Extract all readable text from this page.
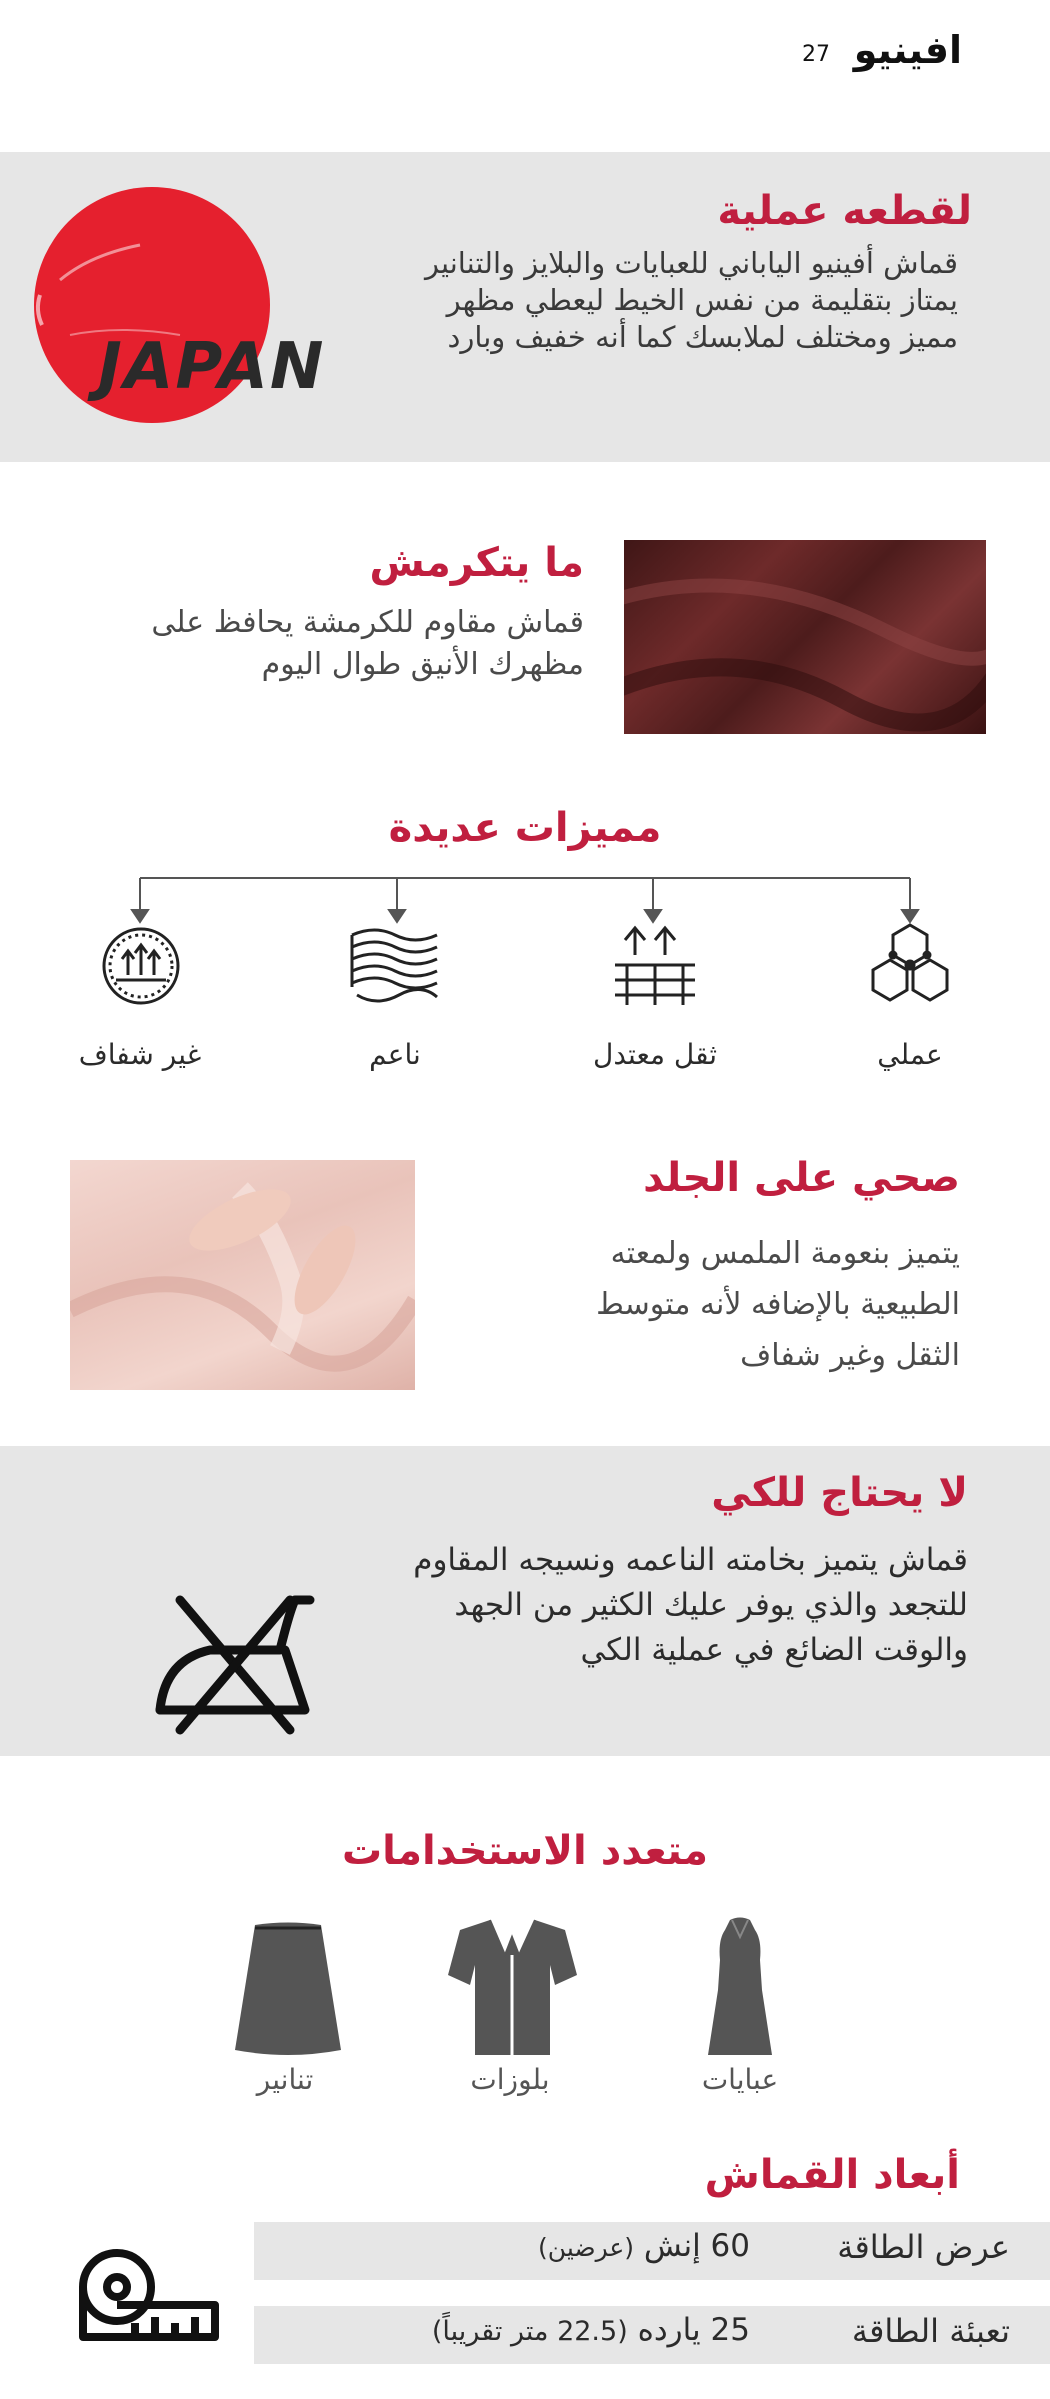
افينيو
27
JAPAN
لقطعه عملية
قماش أفينيو الياباني للعبايات والبلايز والتنانير
يمتاز بتقليمة من نفس الخيط ليعطي مظهر
مميز ومختلف لملابسك كما أنه خفيف وبارد
ما يتكرمش
قماش مقاوم للكرمشة يحافظ على
مظهرك الأنيق طوال اليوم
مميزات عديدة
عملي
ثقل معتدل
ناعم
غير شفاف
صحي على الجلد
يتميز بنعومة الملمس ولمعته
الطبيعية بالإضافه لأنه متوسط
الثقل وغير شفاف
لا يحتاج للكي
قماش يتميز بخامته الناعمه ونسيجه المقاوم
للتجعد والذي يوفر عليك الكثير من الجهد
والوقت الضائع في عملية الكي
متعدد الاستخدامات
عبايات
بلوزات
تنانير
أبعاد القماش
عرض الطاقة
60 إنش (عرضين)
تعبئة الطاقة
25 يارده (22.5 متر تقريباً)
